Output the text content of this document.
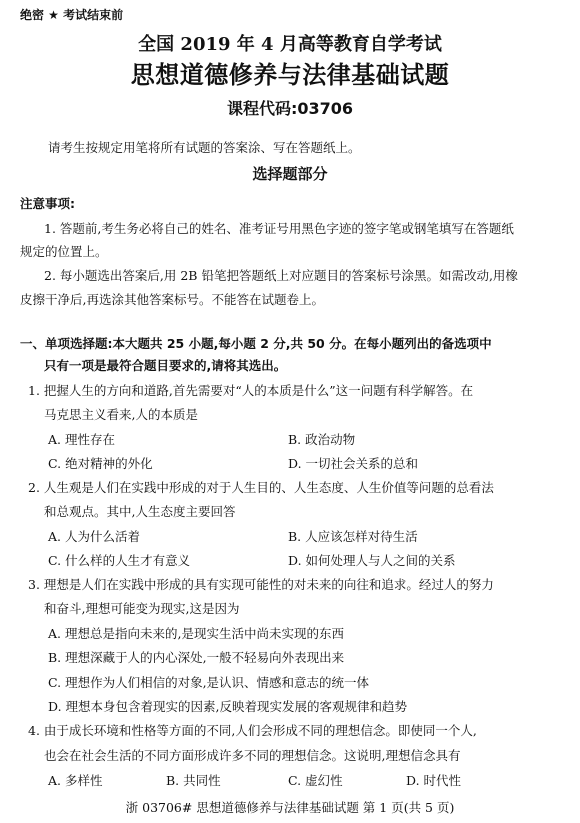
绝密 ★ 考试结束前
全国 2019 年 4 月高等教育自学考试
思想道德修养与法律基础试题
课程代码:03706
请考生按规定用笔将所有试题的答案涂、写在答题纸上。
选择题部分
注意事项:
1. 答题前,考生务必将自己的姓名、准考证号用黑色字迹的签字笔或钢笔填写在答题纸
规定的位置上。
2. 每小题选出答案后,用 2B 铅笔把答题纸上对应题目的答案标号涂黑。如需改动,用橡
皮擦干净后,再选涂其他答案标号。不能答在试题卷上。
一、单项选择题:本大题共 25 小题,每小题 2 分,共 50 分。在每小题列出的备选项中
只有一项是最符合题目要求的,请将其选出。
1. 把握人生的方向和道路,首先需要对“人的本质是什么”这一问题有科学解答。在
马克思主义看来,人的本质是
A. 理性存在	B. 政治动物
C. 绝对精神的外化	D. 一切社会关系的总和
2. 人生观是人们在实践中形成的对于人生目的、人生态度、人生价值等问题的总看法
和总观点。其中,人生态度主要回答
A. 人为什么活着	B. 人应该怎样对待生活
C. 什么样的人生才有意义	D. 如何处理人与人之间的关系
3. 理想是人们在实践中形成的具有实现可能性的对未来的向往和追求。经过人的努力
和奋斗,理想可能变为现实,这是因为
A. 理想总是指向未来的,是现实生活中尚未实现的东西
B. 理想深藏于人的内心深处,一般不轻易向外表现出来
C. 理想作为人们相信的对象,是认识、情感和意志的统一体
D. 理想本身包含着现实的因素,反映着现实发展的客观规律和趋势
4. 由于成长环境和性格等方面的不同,人们会形成不同的理想信念。即使同一个人,
也会在社会生活的不同方面形成许多不同的理想信念。这说明,理想信念具有
A. 多样性	B. 共同性	C. 虚幻性	D. 时代性
浙 03706# 思想道德修养与法律基础试题 第 1 页(共 5 页)
